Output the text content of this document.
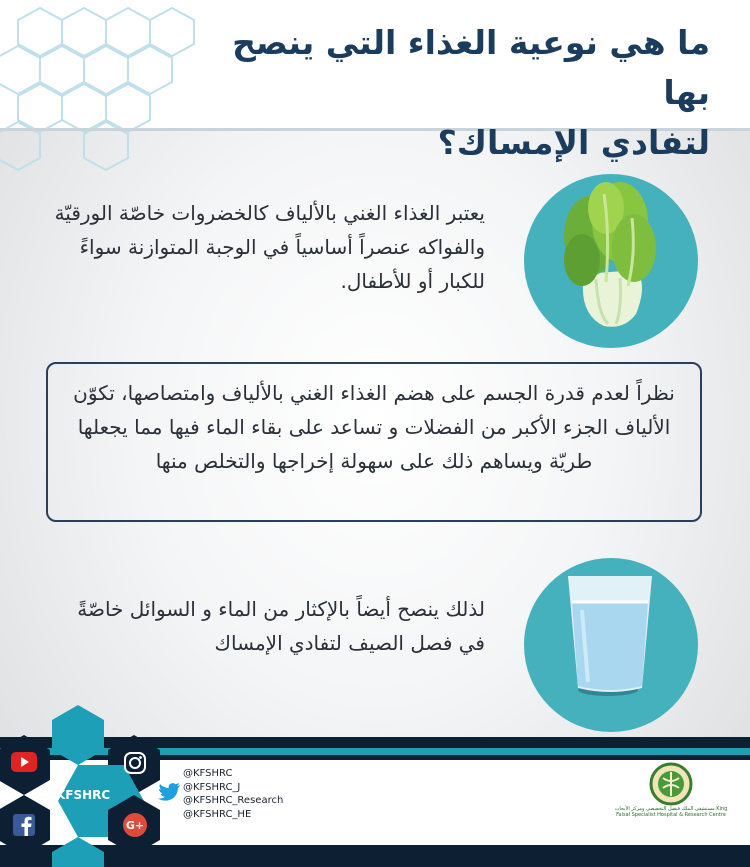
ما هي نوعية الغذاء التي ينصح بها
لتفادي الإمساك؟
يعتبر الغذاء الغني بالألياف كالخضروات خاصّة الورقيّة والفواكه عنصراً أساسياً في الوجبة المتوازنة سواءً للكبار أو للأطفال.
نظراً لعدم قدرة الجسم على هضم الغذاء الغني بالألياف وامتصاصها، تكوّن الألياف الجزء الأكبر من الفضلات و تساعد على بقاء الماء فيها مما يجعلها طريّة ويساهم ذلك على سهولة إخراجها والتخلص منها
لذلك ينصح أيضاً بالإكثار من الماء و السوائل خاصّةً في فصل الصيف لتفادي الإمساك
G+
@KFSHRC
@KFSHRC
@KFSHRC_J
@KFSHRC_Research
@KFSHRC_HE	مستشفى الملك فيصل التخصصي ومركز الأبحاث King Faisal Specialist Hospital & Research Centre
